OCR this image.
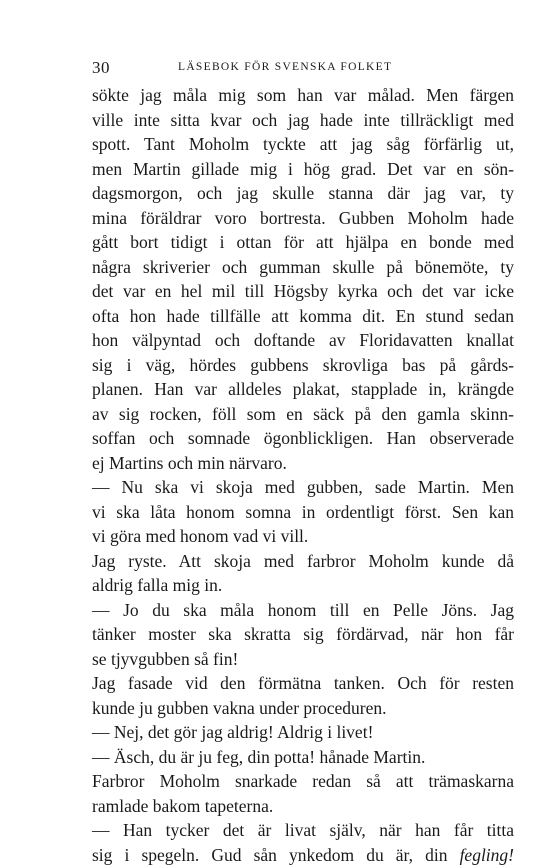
30	LÄSEBOK FÖR SVENSKA FOLKET
sökte jag måla mig som han var målad. Men färgen
ville inte sitta kvar och jag hade inte tillräckligt med
spott. Tant Moholm tyckte att jag såg förfärlig ut,
men Martin gillade mig i hög grad. Det var en sön-
dagsmorgon, och jag skulle stanna där jag var, ty
mina föräldrar voro bortresta. Gubben Moholm hade
gått bort tidigt i ottan för att hjälpa en bonde med
några skriverier och gumman skulle på bönemöte, ty
det var en hel mil till Högsby kyrka och det var icke
ofta hon hade tillfälle att komma dit. En stund sedan
hon välpyntad och doftande av Floridavatten knallat
sig i väg, hördes gubbens skrovliga bas på gårds-
planen. Han var alldeles plakat, stapplade in, krängde
av sig rocken, föll som en säck på den gamla skinn-
soffan och somnade ögonblickligen. Han observerade
ej Martins och min närvaro.
— Nu ska vi skoja med gubben, sade Martin. Men
vi ska låta honom somna in ordentligt först. Sen kan
vi göra med honom vad vi vill.
Jag ryste. Att skoja med farbror Moholm kunde då
aldrig falla mig in.
— Jo du ska måla honom till en Pelle Jöns. Jag
tänker moster ska skratta sig fördärvad, när hon får
se tjyvgubben så fin!
Jag fasade vid den förmätna tanken. Och för resten
kunde ju gubben vakna under proceduren.
— Nej, det gör jag aldrig! Aldrig i livet!
— Äsch, du är ju feg, din potta! hånade Martin.
Farbror Moholm snarkade redan så att trämaskarna
ramlade bakom tapeterna.
— Han tycker det är livat själv, när han får titta
sig i spegeln. Gud sån ynkedom du är, din fegling!
